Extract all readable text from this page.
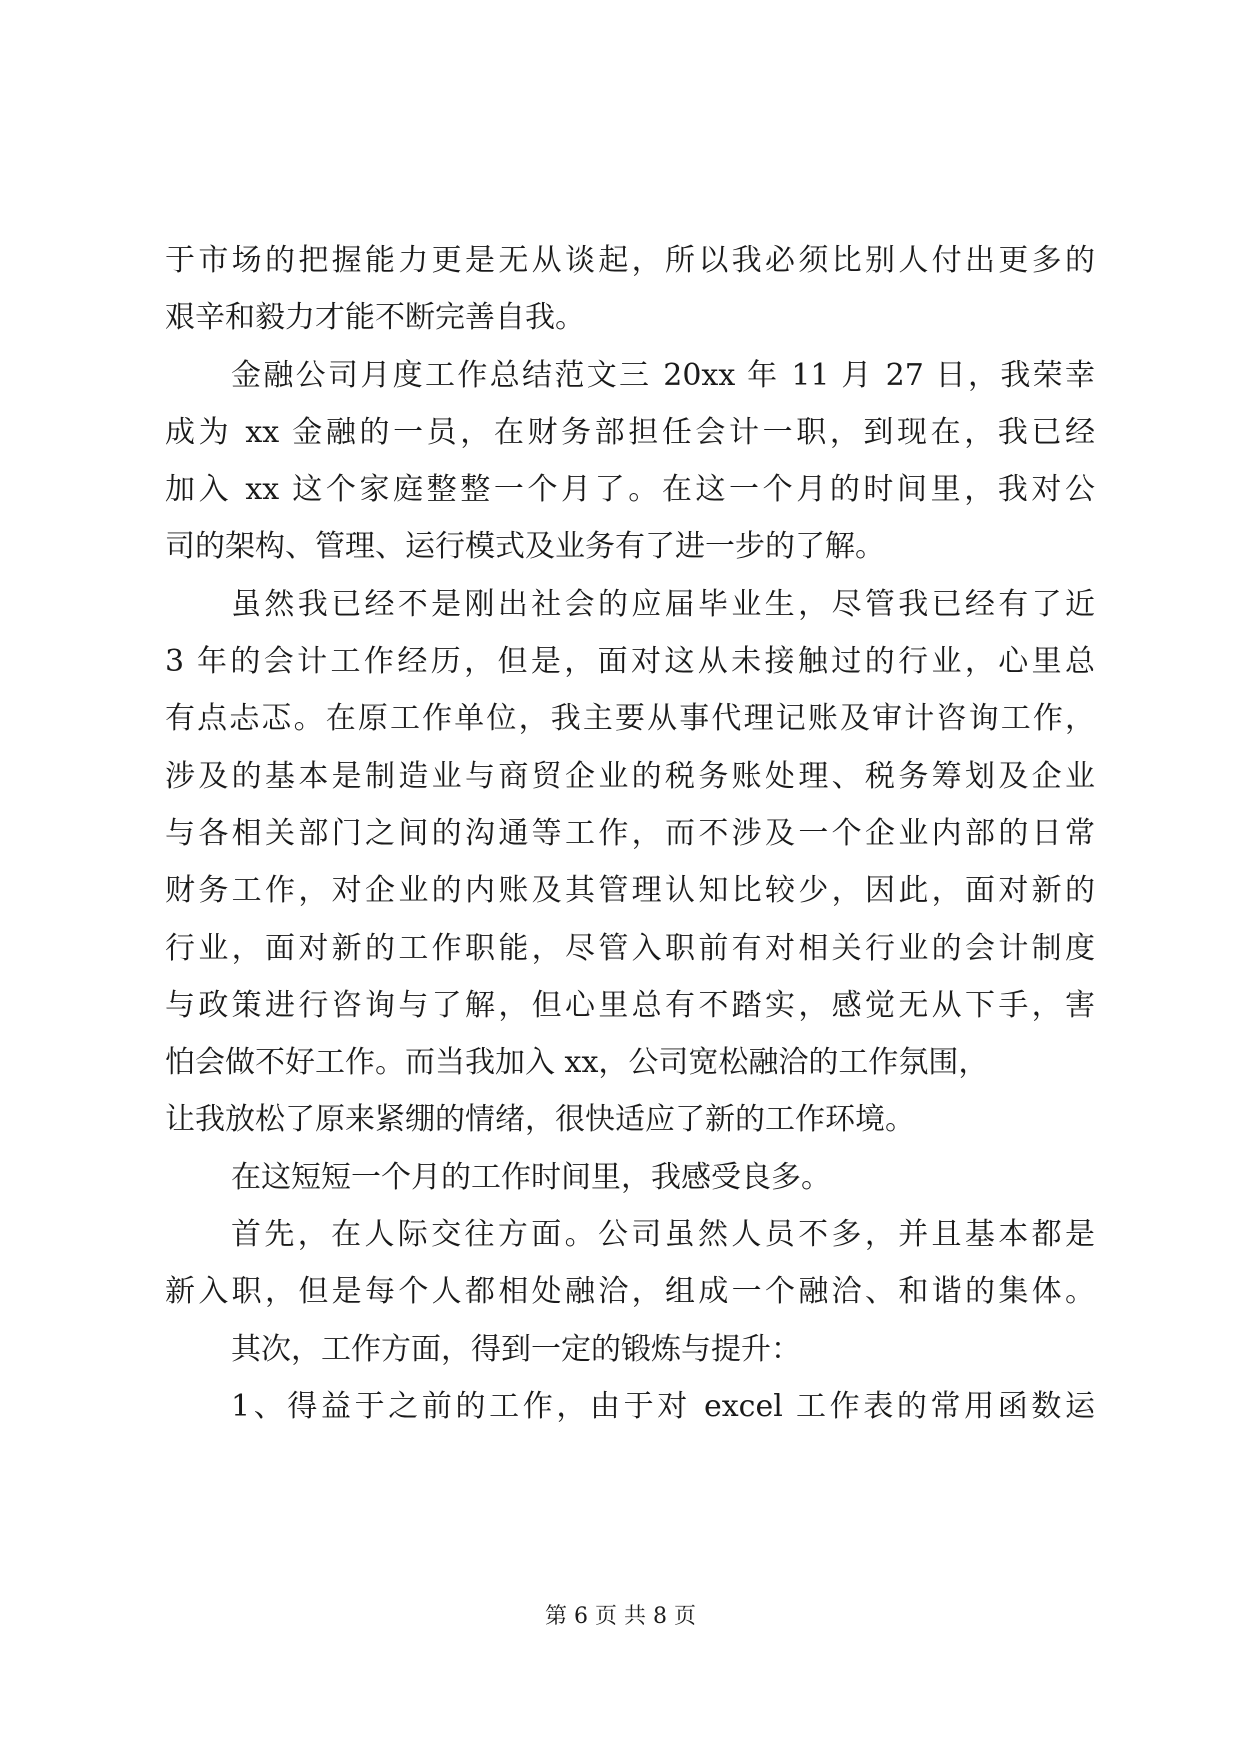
于市场的把握能力更是无从谈起，所以我必须比别人付出更多的
艰辛和毅力才能不断完善自我。
金融公司月度工作总结范文三 20xx 年 11 月 27 日，我荣幸
成为 xx 金融的一员，在财务部担任会计一职，到现在，我已经
加入 xx 这个家庭整整一个月了。在这一个月的时间里，我对公
司的架构、管理、运行模式及业务有了进一步的了解。
虽然我已经不是刚出社会的应届毕业生，尽管我已经有了近
3 年的会计工作经历，但是，面对这从未接触过的行业，心里总
有点忐忑。在原工作单位，我主要从事代理记账及审计咨询工作，
涉及的基本是制造业与商贸企业的税务账处理、税务筹划及企业
与各相关部门之间的沟通等工作，而不涉及一个企业内部的日常
财务工作，对企业的内账及其管理认知比较少，因此，面对新的
行业，面对新的工作职能，尽管入职前有对相关行业的会计制度
与政策进行咨询与了解，但心里总有不踏实，感觉无从下手，害
怕会做不好工作。而当我加入 xx，公司宽松融洽的工作氛围，
让我放松了原来紧绷的情绪，很快适应了新的工作环境。
在这短短一个月的工作时间里，我感受良多。
首先，在人际交往方面。公司虽然人员不多，并且基本都是
新入职，但是每个人都相处融洽，组成一个融洽、和谐的集体。
其次，工作方面，得到一定的锻炼与提升：
1、得益于之前的工作，由于对 excel 工作表的常用函数运
第 6 页 共 8 页
